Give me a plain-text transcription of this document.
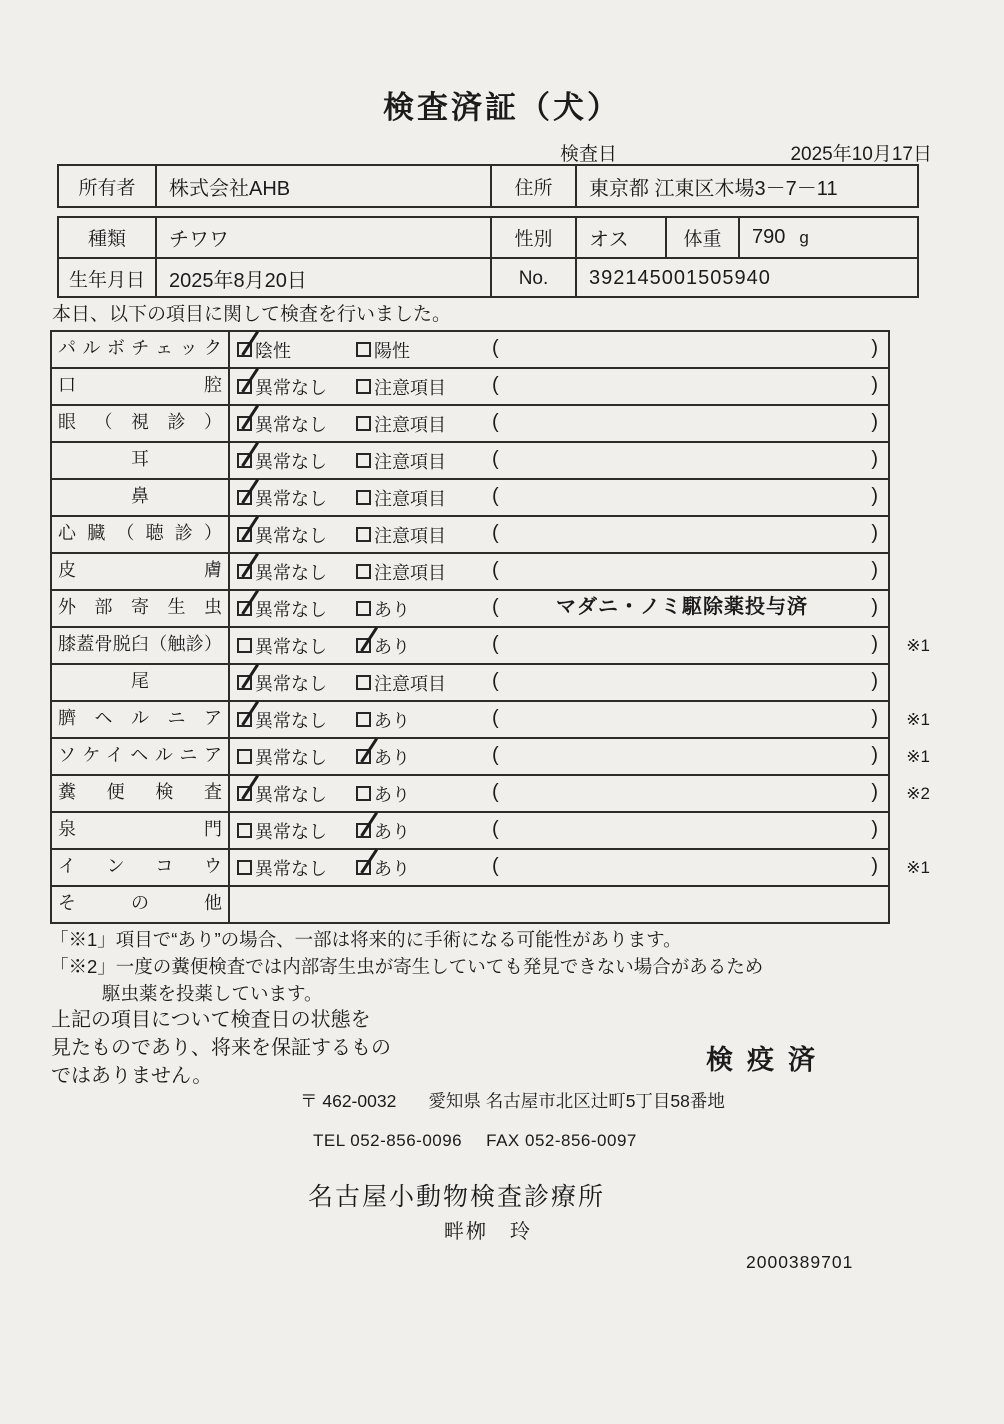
検査済証（犬）
検査日	2025年10月17日
所有者	株式会社AHB	住所	東京都 江東区木場3－7－11
種類	チワワ	性別	オス	体重	790 g
生年月日	2025年8月20日	No.	392145001505940
本日、以下の項目に関して検査を行いました。
パルボチェック	陰性	陽性	(	)
口腔	異常なし	注意項目 (	)
眼（視診）	異常なし	注意項目 (	)
耳	異常なし	注意項目 (	)
鼻	異常なし	注意項目 (	)
心臓（聴診）	異常なし	注意項目 (	)
皮膚	異常なし	注意項目 (	)
外部寄生虫	異常なし	あり	(	マダニ・ノミ駆除薬投与済	)
膝蓋骨脱臼（触診）	異常なし	あり	(	) ※1
尾	異常なし	注意項目 (	)
臍ヘルニア	異常なし	あり	(	) ※1
ソケイヘルニア	異常なし	あり	(	) ※1
糞便検査	異常なし	あり	(	) ※2
泉門	異常なし	あり	(	)
インコウ	異常なし	あり	(	) ※1
その他
「※1」項目で“あり”の場合、一部は将来的に手術になる可能性があります。
「※2」一度の糞便検査では内部寄生虫が寄生していても発見できない場合があるため
駆虫薬を投薬しています。
上記の項目について検査日の状態を
見たものであり、将来を保証するもの
ではありません。
検疫済
〒 462-0032 愛知県 名古屋市北区辻町5丁目58番地
TEL 052-856-0096 FAX 052-856-0097
名古屋小動物検査診療所
畔栁　玲
2000389701
